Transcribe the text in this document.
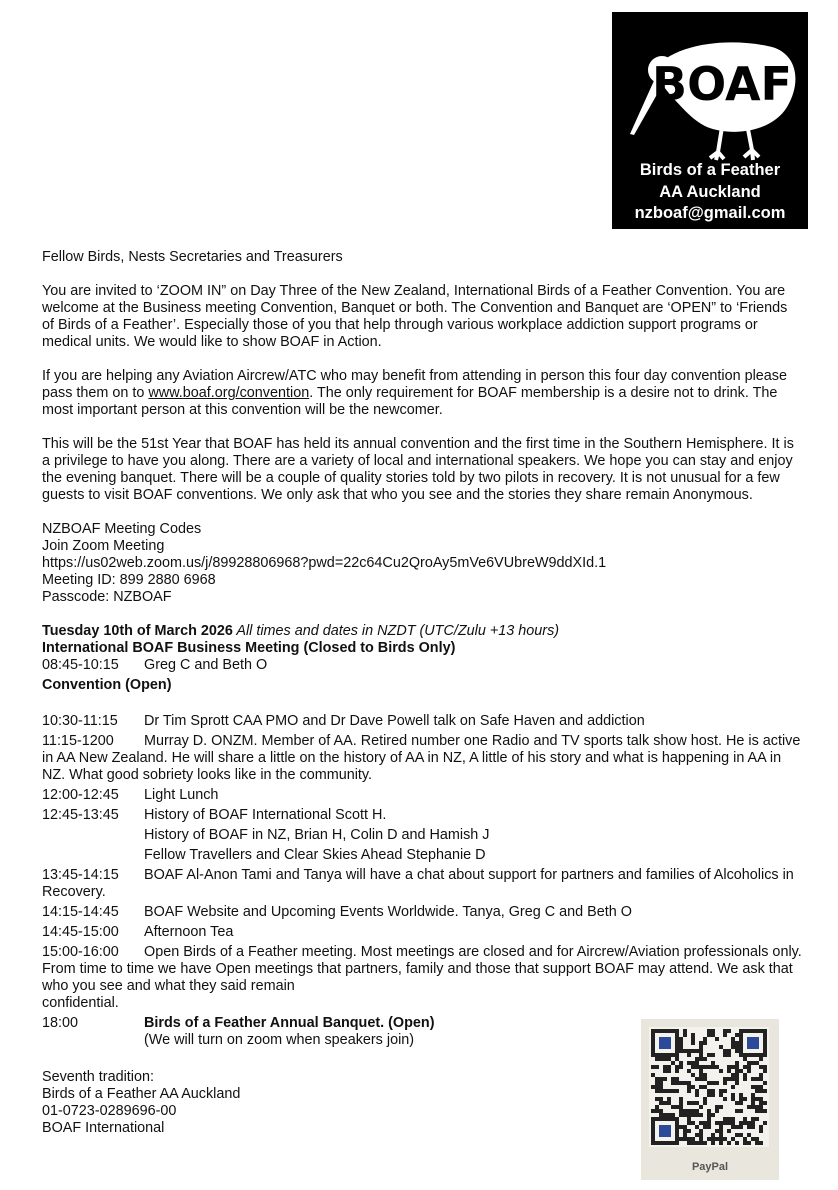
BOAF
Birds of a Feather
AA Auckland
nzboaf@gmail.com

Fellow Birds, Nests Secretaries and Treasurers

You are invited to ‘ZOOM IN” on Day Three of the New Zealand, International Birds of a Feather Convention. You are welcome at the Business meeting Convention, Banquet or both. The Convention and Banquet are ‘OPEN” to ‘Friends of Birds of a Feather’. Especially those of you that help through various workplace addiction support programs or medical units. We would like to show BOAF in Action.

If you are helping any Aviation Aircrew/ATC who may benefit from attending in person this four day convention please pass them on to www.boaf.org/convention. The only requirement for BOAF membership is a desire not to drink. The most important person at this convention will be the newcomer.

This will be the 51st Year that BOAF has held its annual convention and the first time in the Southern Hemisphere. It is a privilege to have you along. There are a variety of local and international speakers. We hope you can stay and enjoy the evening banquet. There will be a couple of quality stories told by two pilots in recovery. It is not unusual for a few guests to visit BOAF conventions. We only ask that who you see and the stories they share remain Anonymous.

NZBOAF Meeting Codes

Join Zoom Meeting

https://us02web.zoom.us/j/89928806968?pwd=22c64Cu2QroAy5mVe6VUbreW9ddXId.1

Meeting ID: 899 2880 6968

Passcode: NZBOAF

Tuesday 10th of March 2026 All times and dates in NZDT (UTC/Zulu +13 hours)

International BOAF Business Meeting (Closed to Birds Only)

08:45-10:15 Greg C and Beth O

Convention (Open)

10:30-11:15 Dr Tim Sprott CAA PMO and Dr Dave Powell talk on Safe Haven and addiction
11:15-1200 Murray D. ONZM. Member of AA. Retired number one Radio and TV sports talk show host. He is active in AA New Zealand. He will share a little on the history of AA in NZ, A little of his story and what is happening in AA in NZ. What good sobriety looks like in the community.
12:00-12:45 Light Lunch
12:45-13:45 History of BOAF International Scott H.
History of BOAF in NZ, Brian H, Colin D and Hamish J
Fellow Travellers and Clear Skies Ahead Stephanie D
13:45-14:15 BOAF Al-Anon Tami and Tanya will have a chat about support for partners and families of Alcoholics in Recovery.
14:15-14:45 BOAF Website and Upcoming Events Worldwide. Tanya, Greg C and Beth O
14:45-15:00 Afternoon Tea
15:00-16:00 Open Birds of a Feather meeting. Most meetings are closed and for Aircrew/Aviation professionals only. From time to time we have Open meetings that partners, family and those that support BOAF may attend. We ask that who you see and what they said remain

confidential.

18:00	Birds of a Feather Annual Banquet. (Open)
(We will turn on zoom when speakers join)

Seventh tradition:

Birds of a Feather AA Auckland

01-0723-0289696-00

BOAF International

PayPal
